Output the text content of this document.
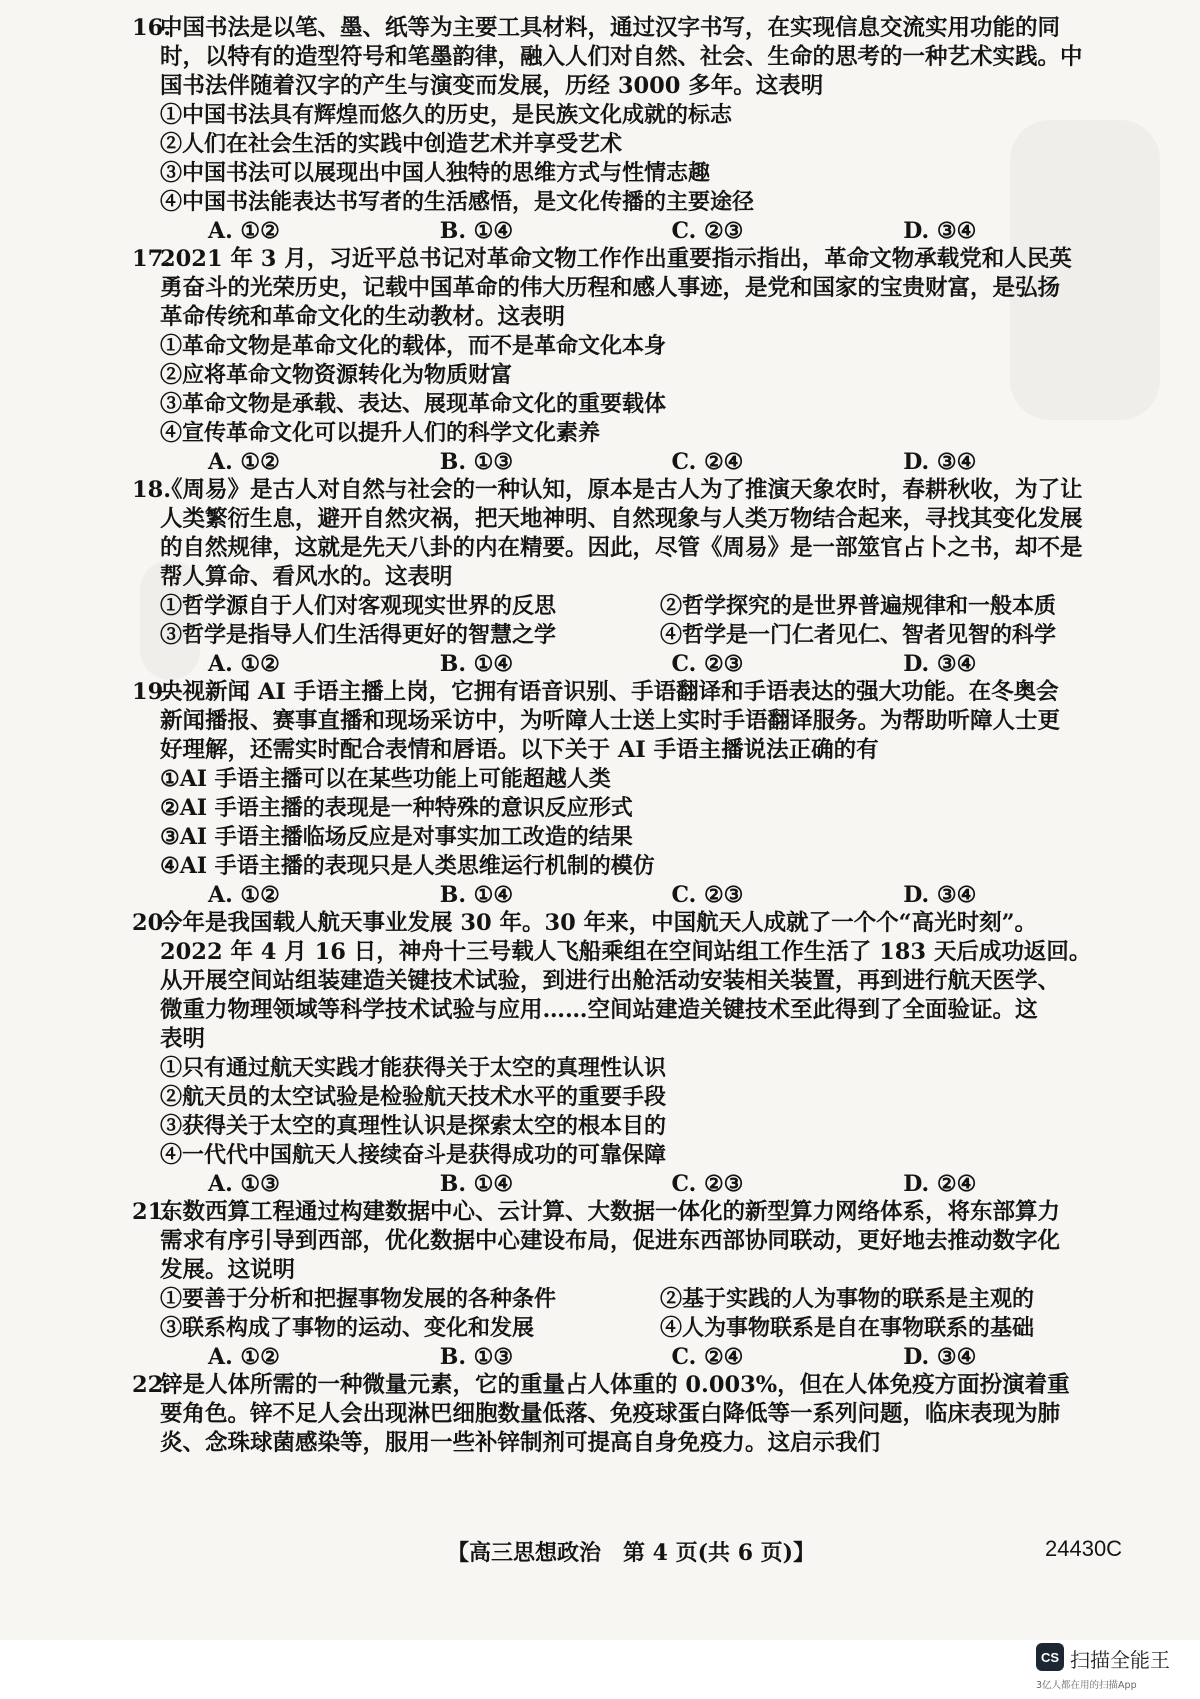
16.
中国书法是以笔、墨、纸等为主要工具材料，通过汉字书写，在实现信息交流实用功能的同
时，以特有的造型符号和笔墨韵律，融入人们对自然、社会、生命的思考的一种艺术实践。中
国书法伴随着汉字的产生与演变而发展，历经 3000 多年。这表明
①中国书法具有辉煌而悠久的历史，是民族文化成就的标志
②人们在社会生活的实践中创造艺术并享受艺术
③中国书法可以展现出中国人独特的思维方式与性情志趣
④中国书法能表达书写者的生活感悟，是文化传播的主要途径
A. ①②	B. ①④	C. ②③	D. ③④
17.
2021 年 3 月，习近平总书记对革命文物工作作出重要指示指出，革命文物承载党和人民英
勇奋斗的光荣历史，记载中国革命的伟大历程和感人事迹，是党和国家的宝贵财富，是弘扬
革命传统和革命文化的生动教材。这表明
①革命文物是革命文化的载体，而不是革命文化本身
②应将革命文物资源转化为物质财富
③革命文物是承载、表达、展现革命文化的重要载体
④宣传革命文化可以提升人们的科学文化素养
A. ①②	B. ①③	C. ②④	D. ③④
18.
《周易》是古人对自然与社会的一种认知，原本是古人为了推演天象农时，春耕秋收，为了让
人类繁衍生息，避开自然灾祸，把天地神明、自然现象与人类万物结合起来，寻找其变化发展
的自然规律，这就是先天八卦的内在精要。因此，尽管《周易》是一部筮官占卜之书，却不是
帮人算命、看风水的。这表明
①哲学源自于人们对客观现实世界的反思	②哲学探究的是世界普遍规律和一般本质
③哲学是指导人们生活得更好的智慧之学	④哲学是一门仁者见仁、智者见智的科学
A. ①②	B. ①④	C. ②③	D. ③④
19.
央视新闻 AI 手语主播上岗，它拥有语音识别、手语翻译和手语表达的强大功能。在冬奥会
新闻播报、赛事直播和现场采访中，为听障人士送上实时手语翻译服务。为帮助听障人士更
好理解，还需实时配合表情和唇语。以下关于 AI 手语主播说法正确的有
①AI 手语主播可以在某些功能上可能超越人类
②AI 手语主播的表现是一种特殊的意识反应形式
③AI 手语主播临场反应是对事实加工改造的结果
④AI 手语主播的表现只是人类思维运行机制的模仿
A. ①②	B. ①④	C. ②③	D. ③④
20.
今年是我国载人航天事业发展 30 年。30 年来，中国航天人成就了一个个“高光时刻”。
2022 年 4 月 16 日，神舟十三号载人飞船乘组在空间站组工作生活了 183 天后成功返回。
从开展空间站组装建造关键技术试验，到进行出舱活动安装相关装置，再到进行航天医学、
微重力物理领域等科学技术试验与应用……空间站建造关键技术至此得到了全面验证。这
表明
①只有通过航天实践才能获得关于太空的真理性认识
②航天员的太空试验是检验航天技术水平的重要手段
③获得关于太空的真理性认识是探索太空的根本目的
④一代代中国航天人接续奋斗是获得成功的可靠保障
A. ①③	B. ①④	C. ②③	D. ②④
21.
东数西算工程通过构建数据中心、云计算、大数据一体化的新型算力网络体系，将东部算力
需求有序引导到西部，优化数据中心建设布局，促进东西部协同联动，更好地去推动数字化
发展。这说明
①要善于分析和把握事物发展的各种条件	②基于实践的人为事物的联系是主观的
③联系构成了事物的运动、变化和发展	④人为事物联系是自在事物联系的基础
A. ①②	B. ①③	C. ②④	D. ③④
22.
锌是人体所需的一种微量元素，它的重量占人体重的 0.003%，但在人体免疫方面扮演着重
要角色。锌不足人会出现淋巴细胞数量低落、免疫球蛋白降低等一系列问题，临床表现为肺
炎、念珠球菌感染等，服用一些补锌制剂可提高自身免疫力。这启示我们
【高三思想政治　第 4 页(共 6 页)】	24430C
CS 扫描全能王
3亿人都在用的扫描App
